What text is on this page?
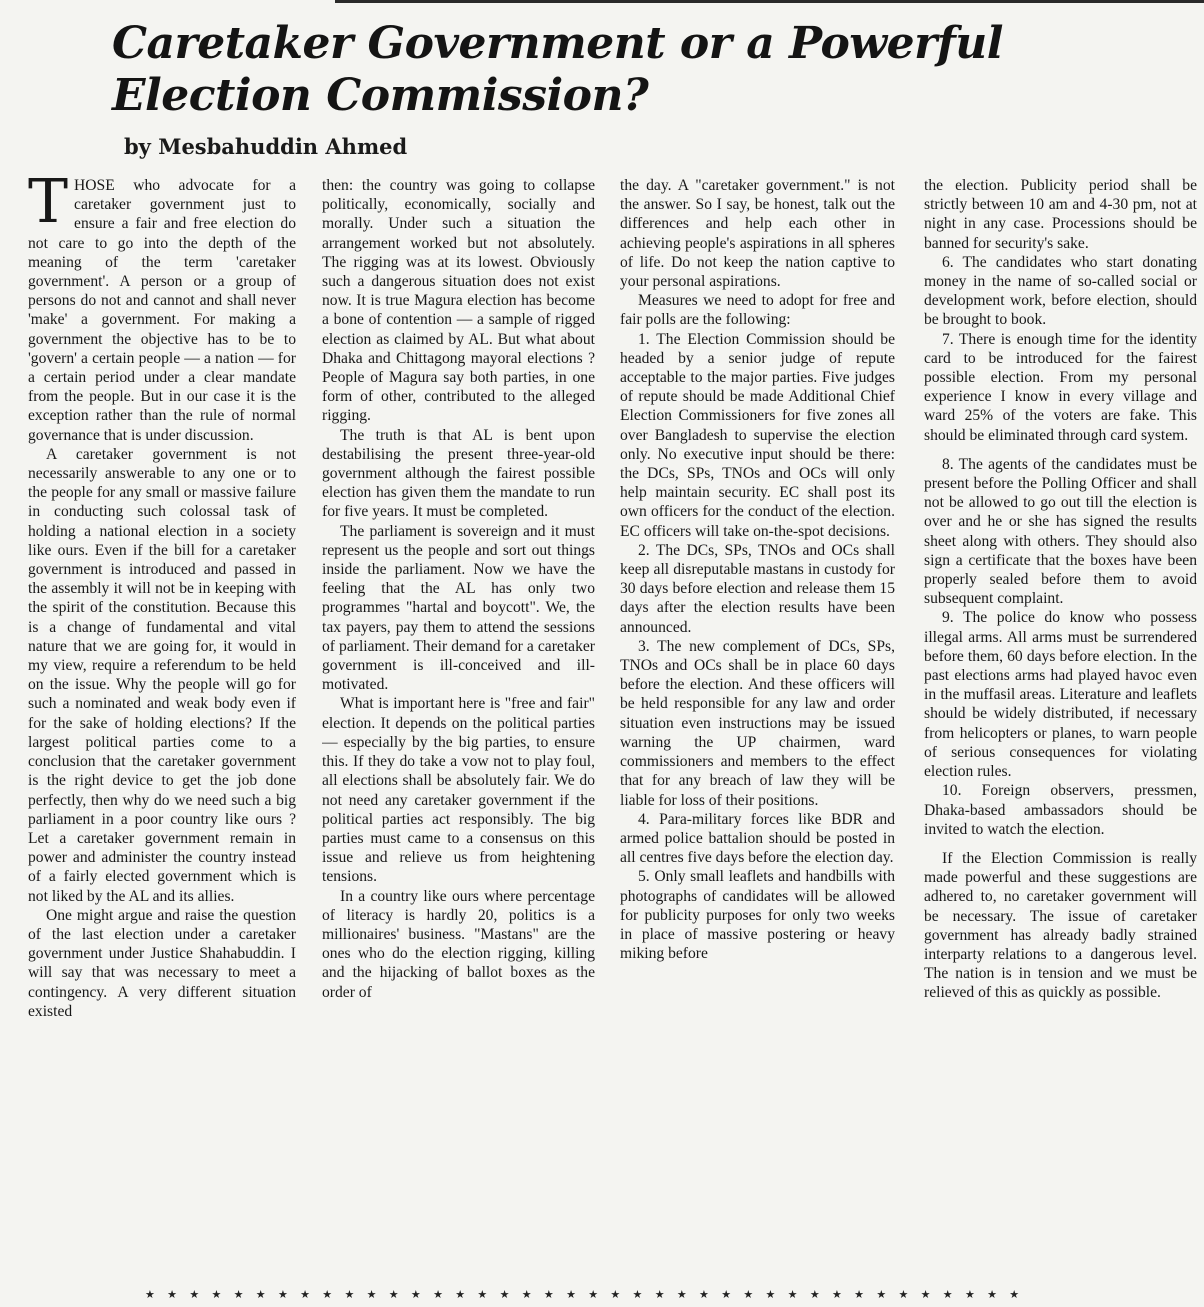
Caretaker Government or a Powerful
Election Commission?
by Mesbahuddin Ahmed

THOSE who advocate for a caretaker government just to ensure a fair and free election do not care to go into the depth of the meaning of the term 'caretaker government'. A person or a group of persons do not and cannot and shall never 'make' a government. For making a government the objective has to be to 'govern' a certain people — a nation — for a certain period under a clear mandate from the people. But in our case it is the exception rather than the rule of normal governance that is under discussion.

A caretaker government is not necessarily answerable to any one or to the people for any small or massive failure in conducting such colossal task of holding a national election in a society like ours. Even if the bill for a caretaker government is introduced and passed in the assembly it will not be in keeping with the spirit of the constitution. Because this is a change of fundamental and vital nature that we are going for, it would in my view, require a referendum to be held on the issue. Why the people will go for such a nominated and weak body even if for the sake of holding elections? If the largest political parties come to a conclusion that the caretaker government is the right device to get the job done perfectly, then why do we need such a big parliament in a poor country like ours ? Let a caretaker government remain in power and administer the country instead of a fairly elected government which is not liked by the AL and its allies.

One might argue and raise the question of the last election under a caretaker government under Justice Shahabuddin. I will say that was necessary to meet a contingency. A very different situation existed

then: the country was going to collapse politically, economically, socially and morally. Under such a situation the arrangement worked but not absolutely. The rigging was at its lowest. Obviously such a dangerous situation does not exist now. It is true Magura election has become a bone of contention — a sample of rigged election as claimed by AL. But what about Dhaka and Chittagong mayoral elections ? People of Magura say both parties, in one form of other, contributed to the alleged rigging.

The truth is that AL is bent upon destabilising the present three-year-old government although the fairest possible election has given them the mandate to run for five years. It must be completed.

The parliament is sovereign and it must represent us the people and sort out things inside the parliament. Now we have the feeling that the AL has only two programmes "hartal and boycott". We, the tax payers, pay them to attend the sessions of parliament. Their demand for a caretaker government is ill-conceived and ill-motivated.

What is important here is "free and fair" election. It depends on the political parties — especially by the big parties, to ensure this. If they do take a vow not to play foul, all elections shall be absolutely fair. We do not need any caretaker government if the political parties act responsibly. The big parties must came to a consensus on this issue and relieve us from heightening tensions.

In a country like ours where percentage of literacy is hardly 20, politics is a millionaires' business. "Mastans" are the ones who do the election rigging, killing and the hijacking of ballot boxes as the order of

the day. A "caretaker government." is not the answer. So I say, be honest, talk out the differences and help each other in achieving people's aspirations in all spheres of life. Do not keep the nation captive to your personal aspirations.

Measures we need to adopt for free and fair polls are the following:

1. The Election Commission should be headed by a senior judge of repute acceptable to the major parties. Five judges of repute should be made Additional Chief Election Commissioners for five zones all over Bangladesh to supervise the election only. No executive input should be there: the DCs, SPs, TNOs and OCs will only help maintain security. EC shall post its own officers for the conduct of the election. EC officers will take on-the-spot decisions.

2. The DCs, SPs, TNOs and OCs shall keep all disreputable mastans in custody for 30 days before election and release them 15 days after the election results have been announced.

3. The new complement of DCs, SPs, TNOs and OCs shall be in place 60 days before the election. And these officers will be held responsible for any law and order situation even instructions may be issued warning the UP chairmen, ward commissioners and members to the effect that for any breach of law they will be liable for loss of their positions.

4. Para-military forces like BDR and armed police battalion should be posted in all centres five days before the election day.

5. Only small leaflets and handbills with photographs of candidates will be allowed for publicity purposes for only two weeks in place of massive postering or heavy miking before

the election. Publicity period shall be strictly between 10 am and 4-30 pm, not at night in any case. Processions should be banned for security's sake.

6. The candidates who start donating money in the name of so-called social or development work, before election, should be brought to book.

7. There is enough time for the identity card to be introduced for the fairest possible election. From my personal experience I know in every village and ward 25% of the voters are fake. This should be eliminated through card system.

8. The agents of the candidates must be present before the Polling Officer and shall not be allowed to go out till the election is over and he or she has signed the results sheet along with others. They should also sign a certificate that the boxes have been properly sealed before them to avoid subsequent complaint.

9. The police do know who possess illegal arms. All arms must be surrendered before them, 60 days before election. In the past elections arms had played havoc even in the muffasil areas. Literature and leaflets should be widely distributed, if necessary from helicopters or planes, to warn people of serious consequences for violating election rules.

10. Foreign observers, pressmen, Dhaka-based ambassadors should be invited to watch the election.

If the Election Commission is really made powerful and these suggestions are adhered to, no caretaker government will be necessary. The issue of caretaker government has already badly strained interparty relations to a dangerous level. The nation is in tension and we must be relieved of this as quickly as possible.

★★★★★★★★★★★★★★★★★★★★★★★★★★★★★★★★★★★★★★★★
